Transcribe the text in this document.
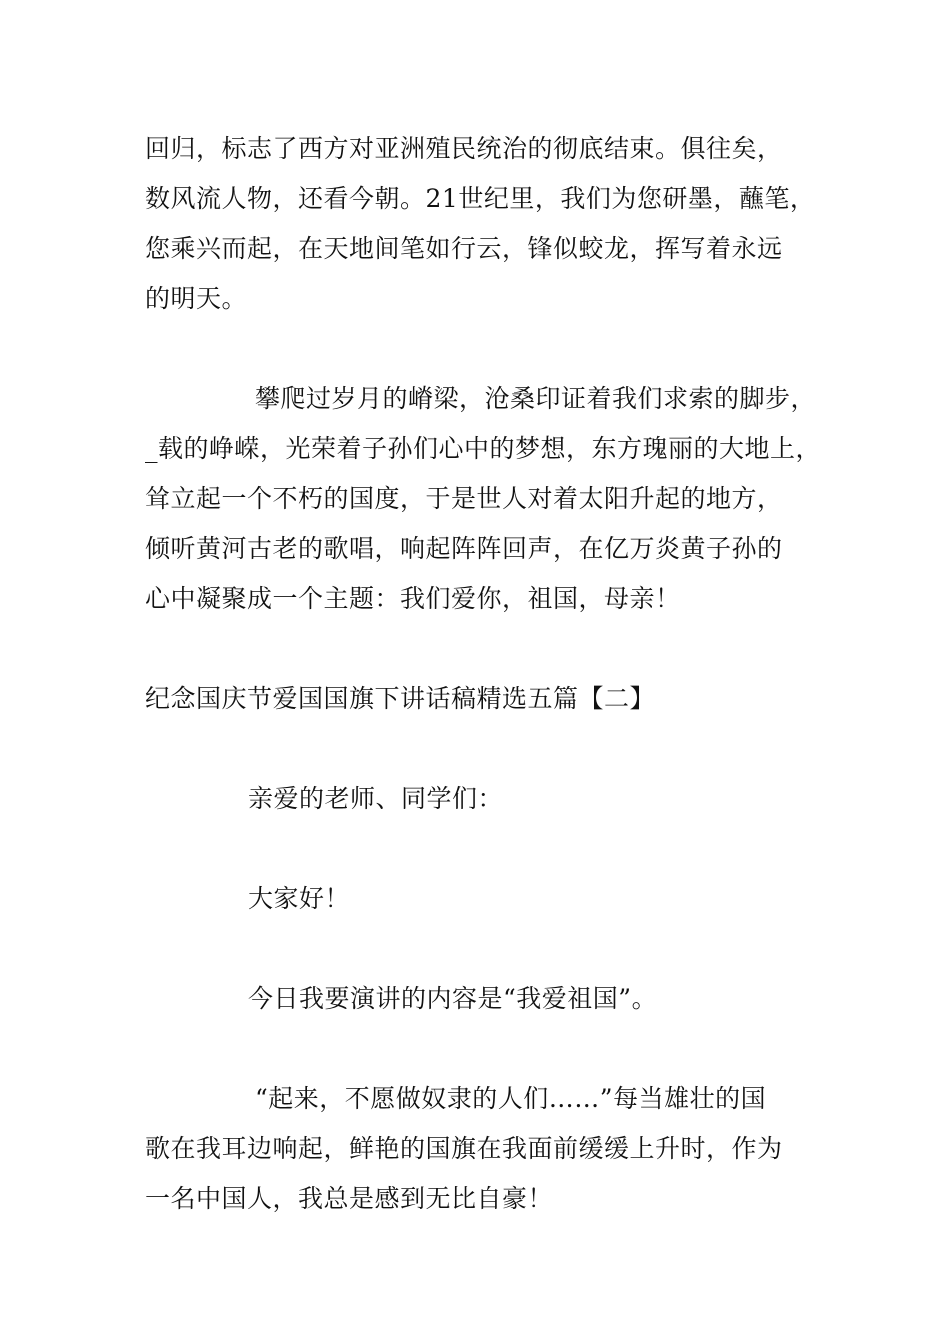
回归，标志了西方对亚洲殖民统治的彻底结束。俱往矣，
数风流人物，还看今朝。21世纪里，我们为您研墨，蘸笔，
您乘兴而起，在天地间笔如行云，锋似蛟龙，挥写着永远
的明天。
攀爬过岁月的嵴梁，沧桑印证着我们求索的脚步，
_载的峥嵘，光荣着子孙们心中的梦想，东方瑰丽的大地上，
耸立起一个不朽的国度，于是世人对着太阳升起的地方，
倾听黄河古老的歌唱，响起阵阵回声，在亿万炎黄子孙的
心中凝聚成一个主题：我们爱你，祖国，母亲！
纪念国庆节爱国国旗下讲话稿精选五篇【二】
亲爱的老师、同学们：
大家好！
今日我要演讲的内容是“我爱祖国”。
“起来，不愿做奴隶的人们……”每当雄壮的国
歌在我耳边响起，鲜艳的国旗在我面前缓缓上升时，作为
一名中国人，我总是感到无比自豪！
